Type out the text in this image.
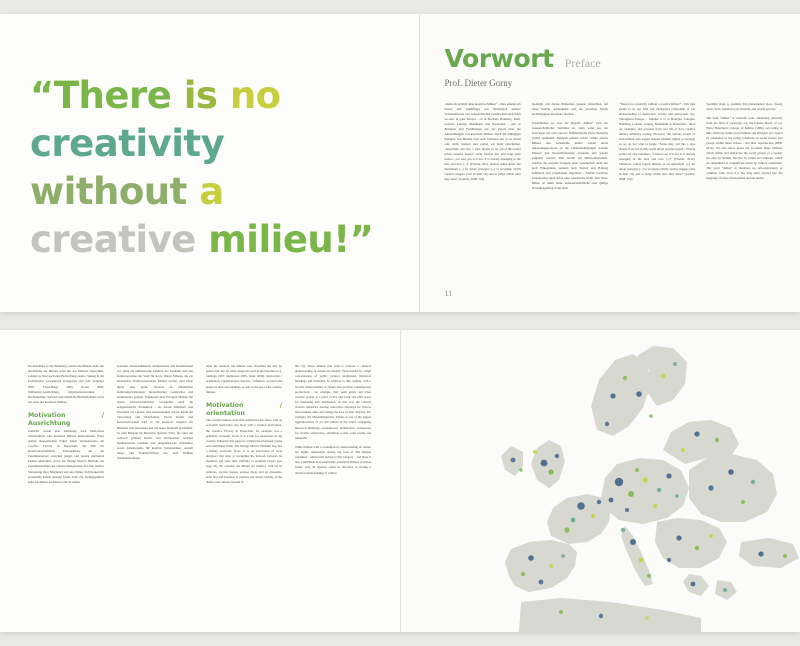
“There is no
creativity
without a
creative milieu!”
Vorwort Preface
Prof. Dieter Gorny

„Keine Kreativität ohne kreatives Milieu!“ - Dies erkannt ein Satzes und zukünftiges wer Bestandteil unserer Verstandsfassen von demokratischen Gesellschaft auch Stadt zu sein: In ganz Europa – ob in Bochum, Hamburg, Köln, London, Leipzig, Mannheim oder Rotterdam – gibt es Beispiele und Erzählungen aus der Praxis über die Ausstrahlungen von kreativen Milieus. Doch die drhlügigen Kulturen von Milieus lässt auch Debatten aus „b zu flucht oder nicht, können und wollen wir nicht entscheiden. „Kreativëm söll this a pipe dream of an out-of-this-world urban creative utopia“, stellt Florida fest und fragt dann bitawo: „we sure you it is not. It is already emerging in the here and now [...]“ (Florida, 2012, Anders sehen sheds site Instrument [...] for urban strategies [...] to recognise which creative triggers exist in their city and to judge which ones they need.“ (Landry, 2008: 154)

Spotlight will daraus Phänomen genauer beleuchten, auf seine Vielfalt aufmerksam und die jeweilige Situati nachlängigkeit bewusster machen.

Tatsächliches ist, dass der Begriff „Milieu“ auch ein wissenschaftlicher Terminus ist, allen wenn aus der Soziologie wie etwa aus der Städtkulturelle Pierre Bourdieu (1982) stammend. Dennoch können relativ stabile soziale Milieus und Lebensstile immer wieder durch Anpassungsprozesse an die Lebensbedingungen sozialer Klassen und Klassenfraktionen zustande und wieder aufgelöst werden. Dies beruht ein Milieu-Instrument, welches die sozialen Gruppen einer Gesellschaft nicht nur nach Einkommen, sondern nach Werten und Haltung definieren und voneinander abgrenzen - deshalb kreativen Orientierung spielt dabei eine wesentliche Rolle. Das West-Milieu ist daher heine aufbereitenhaftliche oder gültige Vorstellbegebung in der Welt.

“There is no creativity without a creative milieu!” - This idea seems to be our firm and undisputed component of our understanding of democratic society and democratic city. Throughout Europe – whether it is in Bologna, Cologne, Hamburg, London, Leipzig, Mannheim or Rotterdam – there are examples and accounts from real life of how creative milieus influence society. However, the various strains of such milieus also trigger debates whether rightly or wrongly so we do not wish to judge. “Some may call this a pipe dream of an out-of-this-world urban creative utopia”, Florida points out and continues: “I assure you it is not. It is already emerging in the here and now [...]” (Florida, 2012). Therefore, others regard milieus as an instrument [...] for urban strategies [...] to recognise which creative triggers exist in their city and to judge which ones they need.” (Landry, 2008: 154)

Spotlight plans to examine this phenomenon more closely and to draw attention to its diversity and certain process.

The term “milieu” is scientific term, emanating primarily from the field of sociology, e.g. the habitus theory of e.g. Pierre Bourdieu's concept of habitus (1982). According to him, relatively stable social milieus and lifestyles are created by adaptation to the living conditions of social classes and groups within those classes - and their reproduction (BPB, 2012). We also know about the so-called Sinus Milieus, which define and demarcate the social groups of a society not only by income, but also by values and attitudes, which are determined to a significant extent by cultural orientation. The word “milieu” is therefore no self-explanatory or common term, even if it has long since entered into the language of urban development and the media.

11

Im Anschluss an die Erhebung werden die Milieus nicht nur durchhaltig der Milieus nicht nur das Plateaus zugeordnet, sondern es lässt auch eine Betrachtung anders, Sulung in der Fachliteratur verwendeten Kategorien statt jedi. Sonntags 2007, Franz/Beige 2005, Kraus 2009: Militäation/Austrichtung, Organisationsstruktur / Dachaunahme, Standort und räumliche Beschaffenheit sowie das Alter des kreativen Milieus.

Motivation / Ausrichtung

Zunächst wurde eine Auflistung nach Motivation wirtschaftlich oder kreativen Milieus unterscheiden: Einer primin ökonomischen Fokus haben beispielsweise die Creative Factory in Rotterdam, die Hub für kreativwirtschaftliche Unternehmen, das die Zusammenarbeit zwischen jungen und bereits etablierten Firmen unterstützt, sowie das Design District Helsinki, ein Zusammenschluss der lokalen Designszene, der eine relative Vernetzung ihrer Mitglieder und eine höhere Sichtbarkeit für potenzielle Kunde anstrebt (siehe Seite 24). Demgegenüber steht das Milieu Art District mit all seinen

Galerien, Auktionshäusern, Antiquariaten und Kunstmuseen vor allem die künstlerische Identität des Stadtteils und den Kulturtourismus der Stadt für dorts. Dieses Milieus, die ein Klassischer Kulturveranstalten Einheit wollen, sind meist durch eine große De/Ates an öffentlichen Kulturunterstützungen, hierarchischen Galerisches und Institutionen geprägt. Ergänzend dazu Erfolgen Milieus mit einem wirtsverschaftlicher vorständnis nach die zeitgenössische Produktion - als daraus Künstlern und Kreativen als Lebens- und Arbeitsmodell, heraus Raum für Verwaltung und Distribution. Durch Kultur und Kreativwirtschaft wird so ein kreatives Angebot für Besucher und Anwohner und ein neues Stadtbild geschaffen. So zum Beispiel im Museums Quartier Wien, für eines der weltweit größten Kunst- und Kulturareals welches hierhistorische Gebäude und zeitgenössische Architektur sowie Arbeitsräume für kreative Unternehmen, Austell lungs- und Verkaufsflächen wie auch Wohnen zusammenbringen.

After the research, the milieus were classified not only by nation, but also by other categories used in the literature (e.g. Santiago 2007, Rumbauer 2005, Kunz 2009): motivation / orientation, organisational structure / influence, location and nature of their surroundings as well as the age of the creative milieus.

Motivation / orientation

The creative milieus were first subdivided into those with an economic motivation and those with a cultural motivation: the Creative Factory in Rotterdam, for example, has a primarily economic focus. It is a hub for enterprises in the creative industries that supports collaboration between young and established firms. The Design District Helsinki also has a mainly economic focus. It is an association of local designers that aims to strengthen the network between its members and raise their visibility to potential buyers (see page 24). By contrast, the Milieu Art District, with all its galleries, auction houses, antique shops and art museums, aims first and foremost to promote the artistic identity of the district and cultural tourism in

the city. Those milieus that wish to promote a classical understanding of culture are usually characterised by a high concentration of public cultural institutions, historical buildings and museums. In addition to this, milieus with a broader understanding of culture also promote contemporary productions - for example, they seem artists and other creative people as a place to live and work and offer space for marketing and distribution. In this way the cultural creative industries develop innovative offerings for visitors and residents alike and change the face of their districts. For example, the MuseumsQuartier Vienna is one of the largest agglomerations of art and culture in the world, containing historical buildings, contemporary architecture, workspaces for creative enterprises, exhibition rooms, sales rooms and museums.

While milieus with a contemporary understanding of culture are highly represented among the total of 300 milieus examined – almost half belong to this category – and there is also a multitude of economically orientated milieus or mixed forms, only 30 quarters could be allocated as having a classical understanding of culture.
